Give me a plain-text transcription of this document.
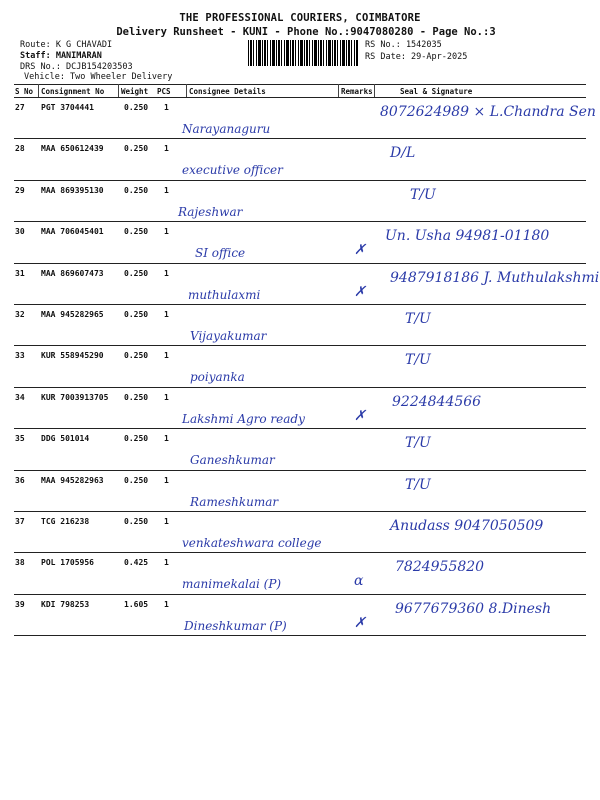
THE PROFESSIONAL COURIERS, COIMBATORE
Delivery Runsheet - KUNI - Phone No.:9047080280 - Page No.:3
Route: K G CHAVADI
Staff: MANIMARAN
DRS No.: DCJB154203503
Vehicle: Two Wheeler Delivery
RS No.: 1542035
RS Date: 29-Apr-2025
S No Consignment No Weight PCS Consignee Details	Remarks	Seal & Signature
27 PGT 3704441	0.250 1
Narayanaguru
8072624989 × L.Chandra Sen
28 MAA 650612439	0.250 1
executive officer
D/L
29 MAA 869395130	0.250 1
Rajeshwar
T/U
30 MAA 706045401	0.250 1
SI office	✗
Un. Usha 94981-01180
31 MAA 869607473	0.250 1
muthulaxmi	✗
9487918186 J. Muthulakshmi
32 MAA 945282965	0.250 1
Vijayakumar
T/U
33 KUR 558945290	0.250 1
poiyanka
T/U
34 KUR 7003913705 0.250 1
Lakshmi Agro ready	✗
9224844566
35 DDG 501014	0.250 1
Ganeshkumar
T/U
36 MAA 945282963	0.250 1
Rameshkumar
T/U
37 TCG 216238	0.250 1
venkateshwara college
Anudass 9047050509
38 POL 1705956	0.425 1
manimekalai (P)	α
7824955820
39 KDI 798253	1.605 1
Dineshkumar (P)	✗
9677679360 8.Dinesh
